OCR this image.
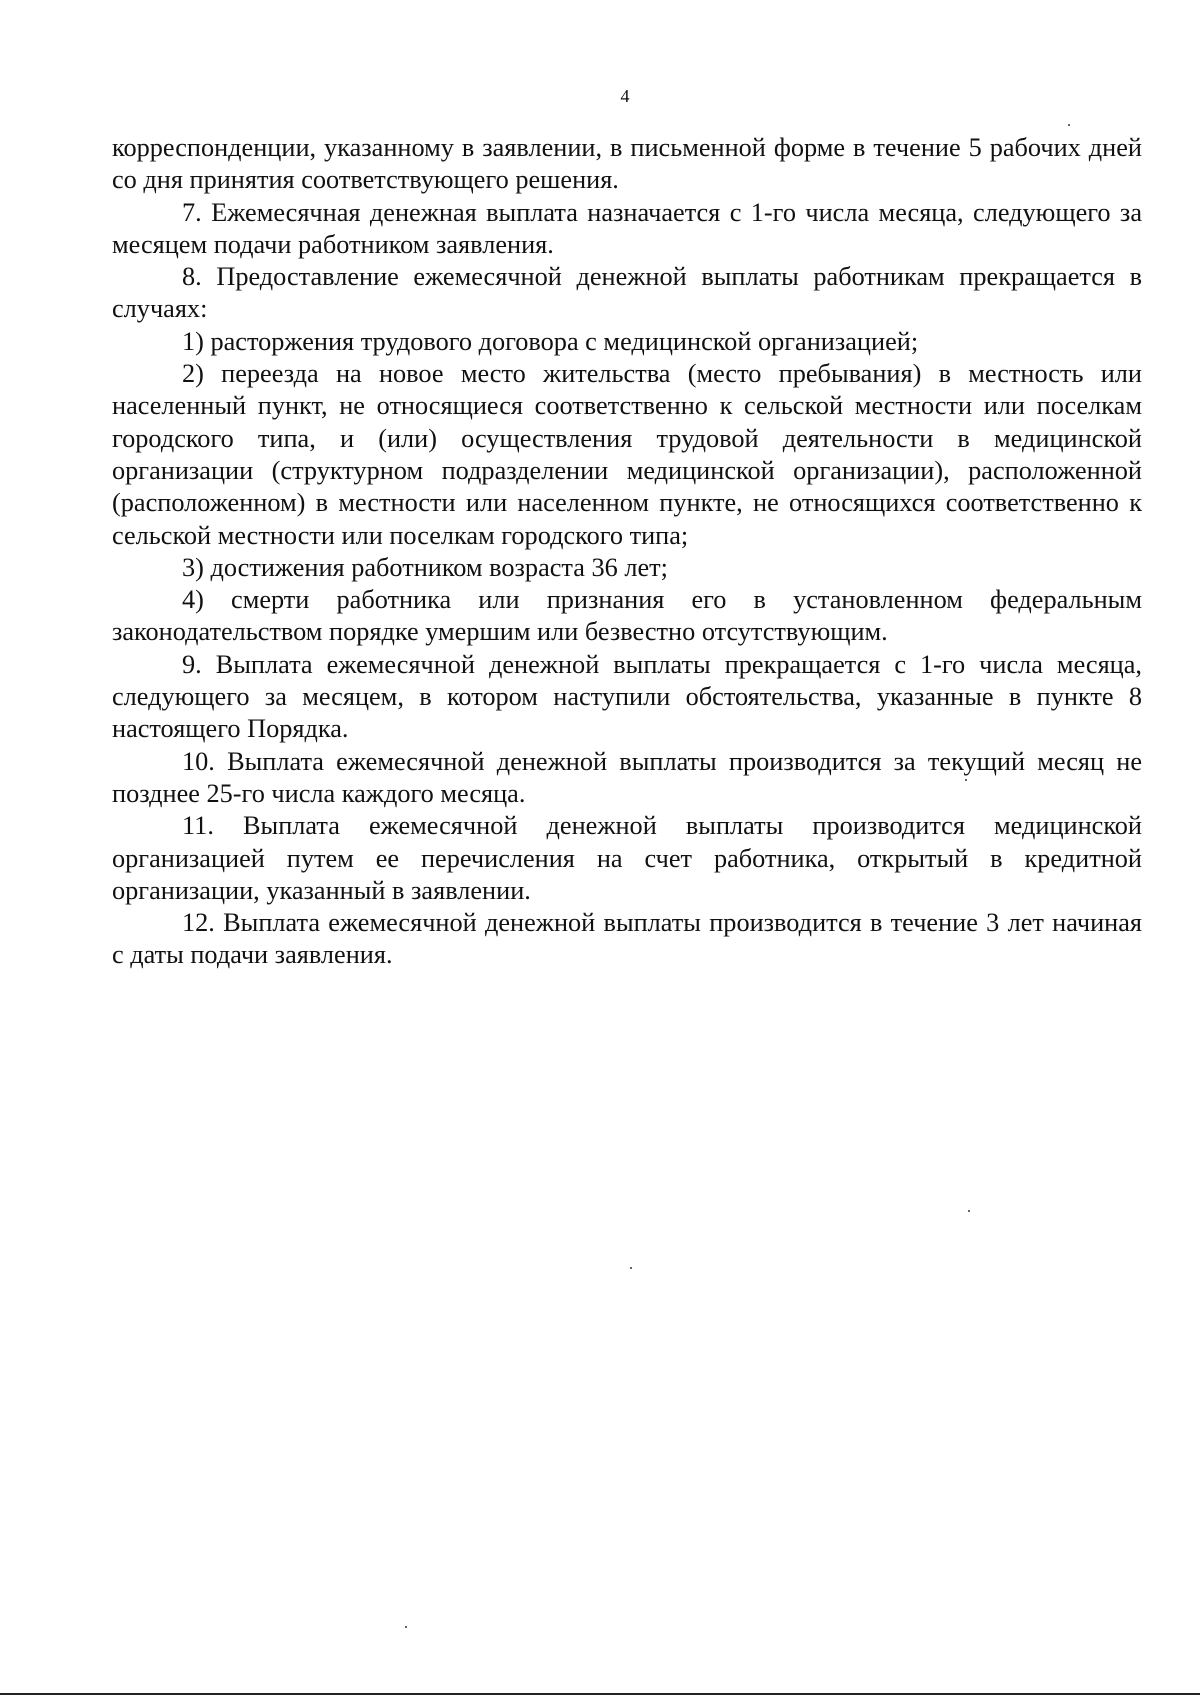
4

корреспонденции, указанному в заявлении, в письменной форме в течение 5 рабочих дней со дня принятия соответствующего решения.

7. Ежемесячная денежная выплата назначается с 1-го числа месяца, следующего за месяцем подачи работником заявления.

8. Предоставление ежемесячной денежной выплаты работникам прекращается в случаях:

1) расторжения трудового договора с медицинской организацией;

2) переезда на новое место жительства (место пребывания) в местность или населенный пункт, не относящиеся соответственно к сельской местности или поселкам городского типа, и (или) осуществления трудовой деятельности в медицинской организации (структурном подразделении медицинской организации), расположенной (расположенном) в местности или населенном пункте, не относящихся соответственно к сельской местности или поселкам городского типа;

3) достижения работником возраста 36 лет;

4) смерти работника или признания его в установленном федеральным законодательством порядке умершим или безвестно отсутствующим.

9. Выплата ежемесячной денежной выплаты прекращается с 1-го числа месяца, следующего за месяцем, в котором наступили обстоятельства, указанные в пункте 8 настоящего Порядка.

10. Выплата ежемесячной денежной выплаты производится за текущий месяц не позднее 25-го числа каждого месяца.

11. Выплата ежемесячной денежной выплаты производится медицинской организацией путем ее перечисления на счет работника, открытый в кредитной организации, указанный в заявлении.

12. Выплата ежемесячной денежной выплаты производится в течение 3 лет начиная с даты подачи заявления.
